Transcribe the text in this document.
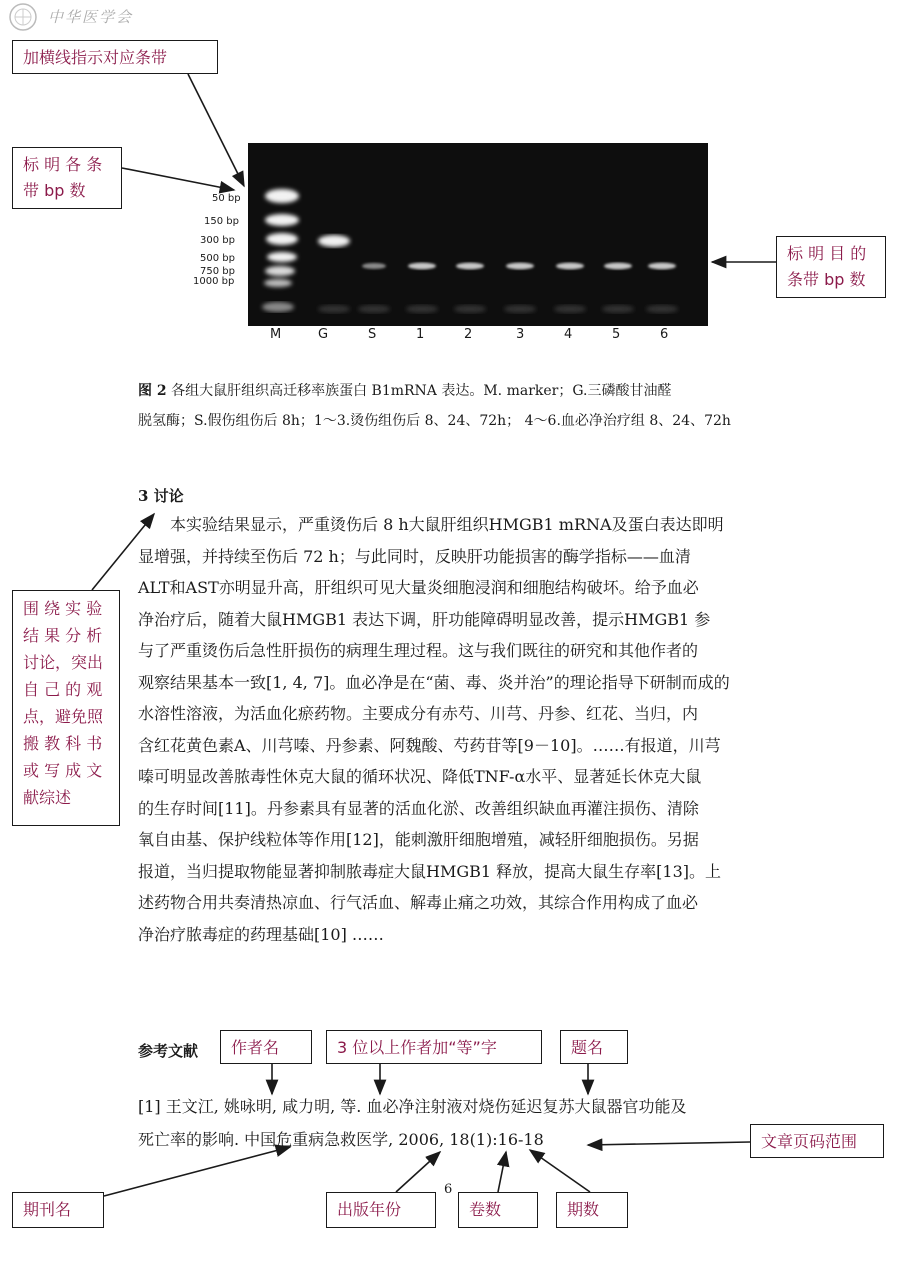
中华医学会
加横线指示对应条带
标 明 各 条
带 bp 数
标 明 目 的
条带 bp 数
围 绕 实 验
结 果 分 析
讨论，突出
自 己 的 观
点，避免照
搬 教 科 书
或 写 成 文
献综述
作者名	3 位以上作者加“等”字	题名
文章页码范围
期刊名	出版年份	卷数	期数
50 bp
150 bp
300 bp
500 bp
750 bp
1000 bp
M	G	S	1	2	3	4	5	6
图 2 各组大鼠肝组织高迁移率族蛋白 B1mRNA 表达。M. marker；G.三磷酸甘油醛
脱氢酶；S.假伤组伤后 8h；1～3.烫伤组伤后 8、24、72h； 4～6.血必净治疗组 8、24、72h
3 讨论
本实验结果显示，严重烫伤后 8 h大鼠肝组织HMGB1 mRNA及蛋白表达即明
显增强，并持续至伤后 72 h；与此同时，反映肝功能损害的酶学指标——血清
ALT和AST亦明显升高，肝组织可见大量炎细胞浸润和细胞结构破坏。给予血必
净治疗后，随着大鼠HMGB1 表达下调，肝功能障碍明显改善，提示HMGB1 参
与了严重烫伤后急性肝损伤的病理生理过程。这与我们既往的研究和其他作者的
观察结果基本一致[1, 4, 7]。血必净是在“菌、毒、炎并治”的理论指导下研制而成的
水溶性溶液，为活血化瘀药物。主要成分有赤芍、川芎、丹参、红花、当归，内
含红花黄色素A、川芎嗪、丹参素、阿魏酸、芍药苷等[9－10]。……有报道，川芎
嗪可明显改善脓毒性休克大鼠的循环状况、降低TNF-α水平、显著延长休克大鼠
的生存时间[11]。丹参素具有显著的活血化淤、改善组织缺血再灌注损伤、清除
氧自由基、保护线粒体等作用[12]，能刺激肝细胞增殖，减轻肝细胞损伤。另据
报道，当归提取物能显著抑制脓毒症大鼠HMGB1 释放，提高大鼠生存率[13]。上
述药物合用共奏清热凉血、行气活血、解毒止痛之功效，其综合作用构成了血必
净治疗脓毒症的药理基础[10] ……
参考文献
[1] 王文江, 姚咏明, 咸力明, 等. 血必净注射液对烧伤延迟复苏大鼠器官功能及
死亡率的影响. 中国危重病急救医学, 2006, 18(1):16-18
6
